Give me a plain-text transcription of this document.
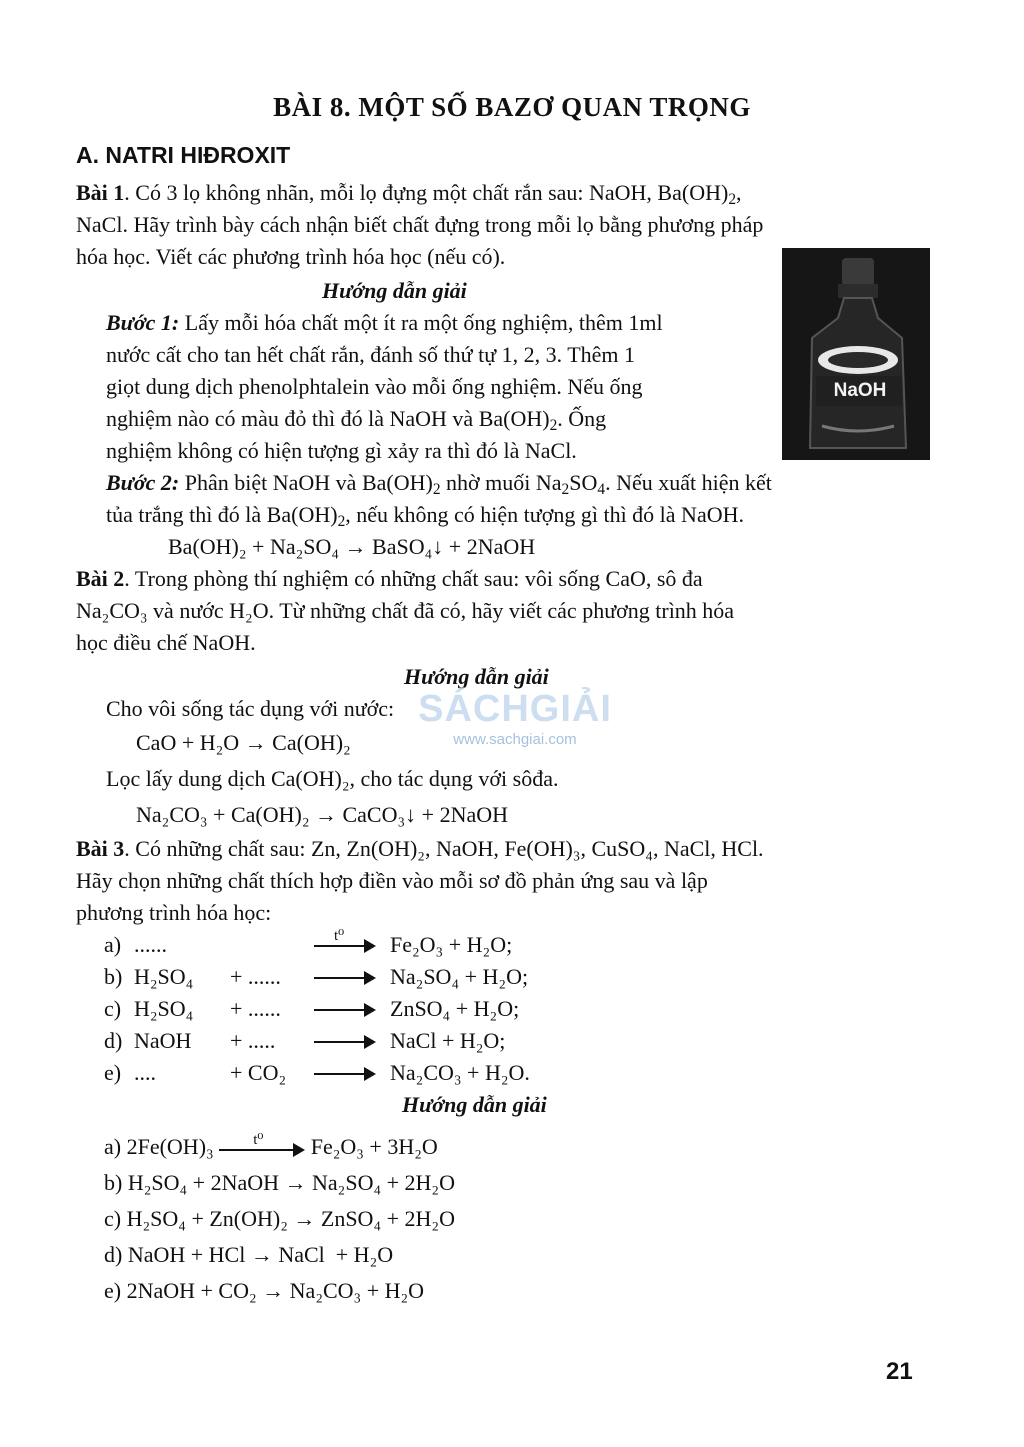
BÀI 8. MỘT SỐ BAZƠ QUAN TRỌNG
A. NATRI HIĐROXIT
Bài 1. Có 3 lọ không nhãn, mỗi lọ đựng một chất rắn sau: NaOH, $Ba(OH)_2$,
NaCl. Hãy trình bày cách nhận biết chất đựng trong mỗi lọ bằng phương pháp
hóa học. Viết các phương trình hóa học (nếu có).
Hướng dẫn giải
Bước 1: Lấy mỗi hóa chất một ít ra một ống nghiệm, thêm 1ml
nước cất cho tan hết chất rắn, đánh số thứ tự 1, 2, 3. Thêm 1
giọt dung dịch phenolphtalein vào mỗi ống nghiệm. Nếu ống
nghiệm nào có màu đỏ thì đó là NaOH và $Ba(OH)_2$. Ống
nghiệm không có hiện tượng gì xảy ra thì đó là NaCl.
Bước 2: Phân biệt NaOH và $Ba(OH)_2$ nhờ muối $Na_2SO_4$. Nếu xuất hiện kết
tủa trắng thì đó là $Ba(OH)_2$, nếu không có hiện tượng gì thì đó là NaOH.
Ba(OH)₂ + Na₂SO₄ → BaSO₄↓ + 2NaOH
NaOH
Bài 2. Trong phòng thí nghiệm có những chất sau: vôi sống CaO, sô đa
Na₂CO₃ và nước H₂O. Từ những chất đã có, hãy viết các phương trình hóa
học điều chế NaOH.
Hướng dẫn giải
Cho vôi sống tác dụng với nước:
CaO + H₂O → Ca(OH)₂
Lọc lấy dung dịch Ca(OH)₂, cho tác dụng với sôđa.
Na₂CO₃ + Ca(OH)₂ → CaCO₃↓ + 2NaOH
SÁCHGIẢI
www.sachgiai.com
Bài 3. Có những chất sau: Zn, Zn(OH)₂, NaOH, Fe(OH)₃, CuSO₄, NaCl, HCl.
Hãy chọn những chất thích hợp điền vào mỗi sơ đồ phản ứng sau và lập
phương trình hóa học:
a) ......	t⁰ Fe₂O₃ + H₂O;
b) H₂SO₄ + ......	Na₂SO₄ + H₂O;
c) H₂SO₄ + ......	ZnSO₄ + H₂O;
d) NaOH + .....	NaCl + H₂O;
e) ....	+ CO₂	Na₂CO₃ + H₂O.
Hướng dẫn giải
a) 2Fe(OH)₃	t⁰ Fe₂O₃ + 3H₂O
b) H₂SO₄ + 2NaOH → Na₂SO₄ + 2H₂O
c) H₂SO₄ + Zn(OH)₂ → ZnSO₄ + 2H₂O
d) NaOH + HCl → NaCl  + H₂O
e) 2NaOH + CO₂ → Na₂CO₃ + H₂O
21
